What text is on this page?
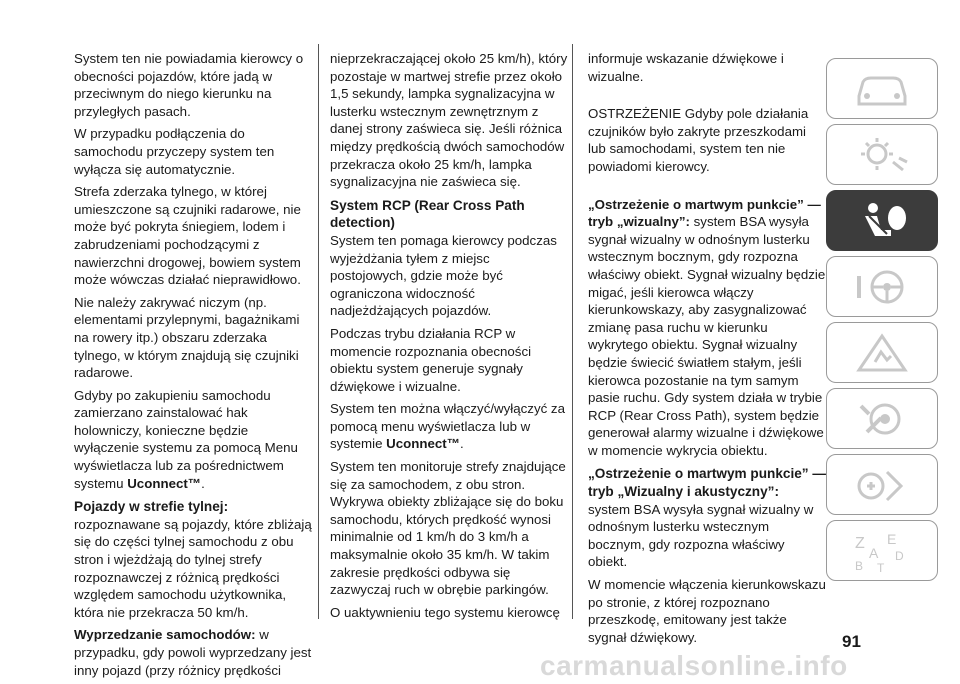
System ten nie powiadamia kierowcy o obecności pojazdów, które jadą w przeciwnym do niego kierunku na przyległych pasach.

W przypadku podłączenia do samochodu przyczepy system ten wyłącza się automatycznie.

Strefa zderzaka tylnego, w której umieszczone są czujniki radarowe, nie może być pokryta śniegiem, lodem i zabrudzeniami pochodzącymi z nawierzchni drogowej, bowiem system może wówczas działać nieprawidłowo.

Nie należy zakrywać niczym (np. elementami przylepnymi, bagażnikami na rowery itp.) obszaru zderzaka tylnego, w którym znajdują się czujniki radarowe.

Gdyby po zakupieniu samochodu zamierzano zainstalować hak holowniczy, konieczne będzie wyłączenie systemu za pomocą Menu wyświetlacza lub za pośrednictwem systemu Uconnect™.

Pojazdy w strefie tylnej:

rozpoznawane są pojazdy, które zbliżają się do części tylnej samochodu z obu stron i wjeżdżają do tylnej strefy rozpoznawczej z różnicą prędkości względem samochodu użytkownika, która nie przekracza 50 km/h.

Wyprzedzanie samochodów: w przypadku, gdy powoli wyprzedzany jest inny pojazd (przy różnicy prędkości

nieprzekraczającej około 25 km/h), który pozostaje w martwej strefie przez około 1,5 sekundy, lampka sygnalizacyjna w lusterku wstecznym zewnętrznym z danej strony zaświeca się. Jeśli różnica między prędkością dwóch samochodów przekracza około 25 km/h, lampka sygnalizacyjna nie zaświeca się.

System RCP (Rear Cross Path detection)

System ten pomaga kierowcy podczas wyjeżdżania tyłem z miejsc postojowych, gdzie może być ograniczona widoczność nadjeżdżających pojazdów.

Podczas trybu działania RCP w momencie rozpoznania obecności obiektu system generuje sygnały dźwiękowe i wizualne.

System ten można włączyć/wyłączyć za pomocą menu wyświetlacza lub w systemie Uconnect™.

System ten monitoruje strefy znajdujące się za samochodem, z obu stron. Wykrywa obiekty zbliżające się do boku samochodu, których prędkość wynosi minimalnie od 1 km/h do 3 km/h a maksymalnie około 35 km/h. W takim zakresie prędkości odbywa się zazwyczaj ruch w obrębie parkingów.

O uaktywnieniu tego systemu kierowcę

informuje wskazanie dźwiękowe i wizualne.

OSTRZEŻENIE Gdyby pole działania czujników było zakryte przeszkodami lub samochodami, system ten nie powiadomi kierowcy.

„Ostrzeżenie o martwym punkcie” — tryb „wizualny”: system BSA wysyła sygnał wizualny w odnośnym lusterku wstecznym bocznym, gdy rozpozna właściwy obiekt. Sygnał wizualny będzie migać, jeśli kierowca włączy kierunkowskazy, aby zasygnalizować zmianę pasa ruchu w kierunku wykrytego obiektu. Sygnał wizualny będzie świecić światłem stałym, jeśli kierowca pozostanie na tym samym pasie ruchu. Gdy system działa w trybie RCP (Rear Cross Path), system będzie generował alarmy wizualne i dźwiękowe w momencie wykrycia obiektu.

„Ostrzeżenie o martwym punkcie” — tryb „Wizualny i akustyczny”:

system BSA wysyła sygnał wizualny w odnośnym lusterku wstecznym bocznym, gdy rozpozna właściwy obiekt.

W momencie włączenia kierunkowskazu po stronie, z której rozpoznano przeszkodę, emitowany jest także sygnał dźwiękowy.

Z E
A D
B T
91
carmanualsonline.info
